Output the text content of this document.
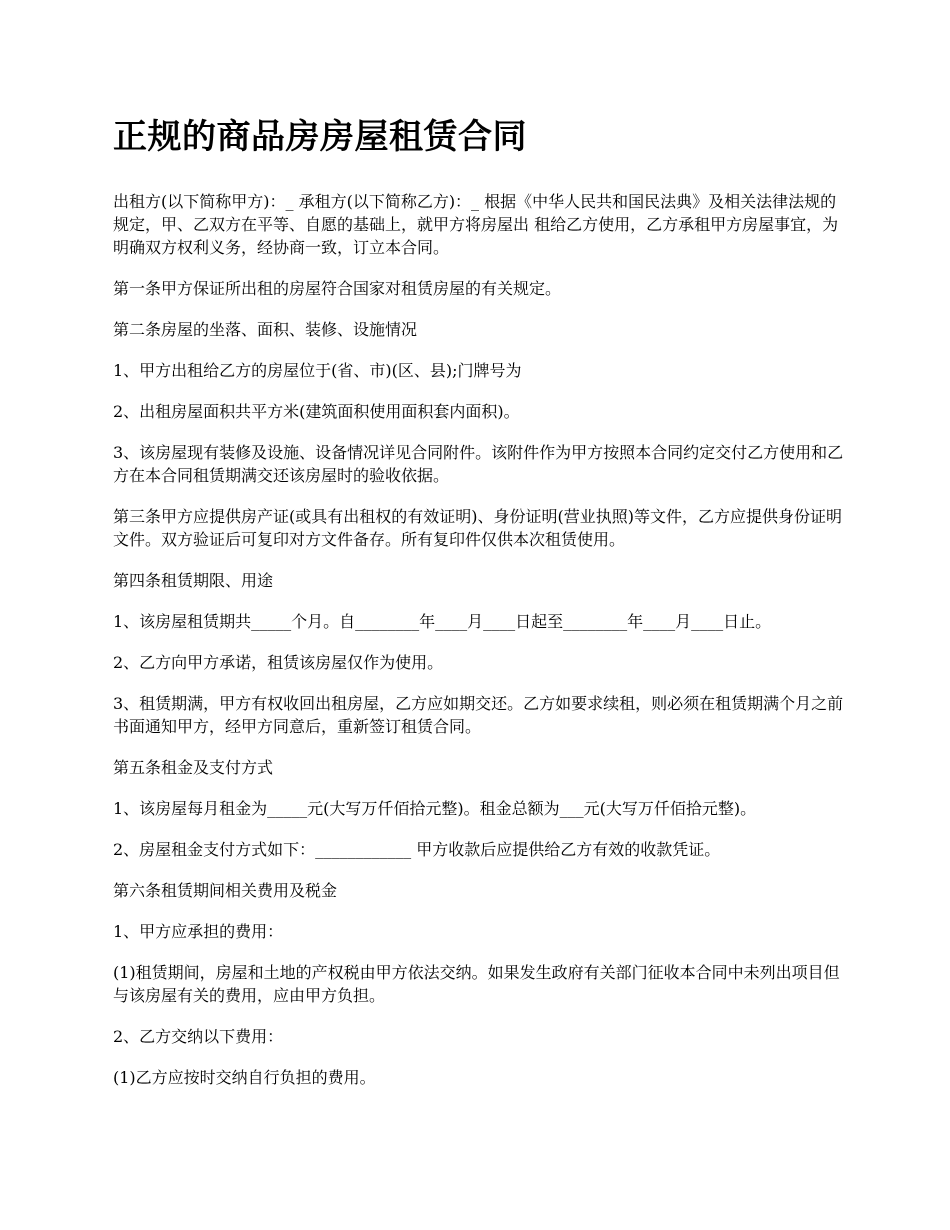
正规的商品房房屋租赁合同

出租方(以下简称甲方)：_ 承租方(以下简称乙方)：_ 根据《中华人民共和国民法典》及相关法律法规的规定，甲、乙双方在平等、自愿的基础上，就甲方将房屋出 租给乙方使用，乙方承租甲方房屋事宜，为明确双方权利义务，经协商一致，订立本合同。

第一条甲方保证所出租的房屋符合国家对租赁房屋的有关规定。

第二条房屋的坐落、面积、装修、设施情况

1、甲方出租给乙方的房屋位于(省、市)(区、县);门牌号为

2、出租房屋面积共平方米(建筑面积使用面积套内面积)。

3、该房屋现有装修及设施、设备情况详见合同附件。该附件作为甲方按照本合同约定交付乙方使用和乙方在本合同租赁期满交还该房屋时的验收依据。

第三条甲方应提供房产证(或具有出租权的有效证明)、身份证明(营业执照)等文件，乙方应提供身份证明文件。双方验证后可复印对方文件备存。所有复印件仅供本次租赁使用。

第四条租赁期限、用途

1、该房屋租赁期共_____个月。自________年____月____日起至________年____月____日止。

2、乙方向甲方承诺，租赁该房屋仅作为使用。

3、租赁期满，甲方有权收回出租房屋，乙方应如期交还。乙方如要求续租，则必须在租赁期满个月之前书面通知甲方，经甲方同意后，重新签订租赁合同。

第五条租金及支付方式

1、该房屋每月租金为_____元(大写万仟佰拾元整)。租金总额为___元(大写万仟佰拾元整)。

2、房屋租金支付方式如下：____________ 甲方收款后应提供给乙方有效的收款凭证。

第六条租赁期间相关费用及税金

1、甲方应承担的费用：

(1)租赁期间，房屋和土地的产权税由甲方依法交纳。如果发生政府有关部门征收本合同中未列出项目但与该房屋有关的费用，应由甲方负担。

2、乙方交纳以下费用：

(1)乙方应按时交纳自行负担的费用。
